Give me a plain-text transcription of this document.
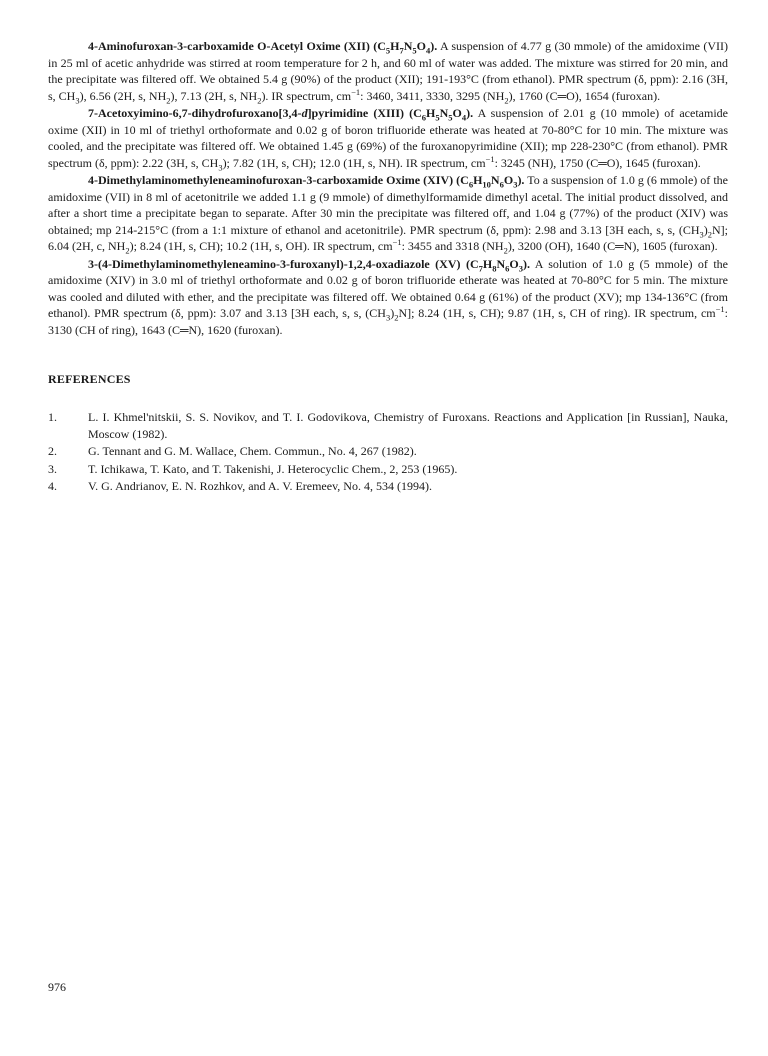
4-Aminofuroxan-3-carboxamide O-Acetyl Oxime (XII) $(C_5H_7N_5O_4)$. A suspension of 4.77 g (30 mmole) of the amidoxime (VII) in 25 ml of acetic anhydride was stirred at room temperature for 2 h, and 60 ml of water was added. The mixture was stirred for 20 min, and the precipitate was filtered off. We obtained 5.4 g (90%) of the product (XII); 191-193°C (from ethanol). PMR spectrum (δ, ppm): 2.16 (3H, s, $CH_3$), 6.56 (2H, s, $NH_2$), 7.13 (2H, s, $NH_2$). IR spectrum, $cm^{-1}$: 3460, 3411, 3330, 3295 $(NH_2)$, 1760 (C═O), 1654 (furoxan).

7-Acetoxyimino-6,7-dihydrofuroxano[3,4-d]pyrimidine (XIII) $(C_6H_5N_5O_4)$. A suspension of 2.01 g (10 mmole) of acetamide oxime (XII) in 10 ml of triethyl orthoformate and 0.02 g of boron trifluoride etherate was heated at 70-80°C for 10 min. The mixture was cooled, and the precipitate was filtered off. We obtained 1.45 g (69%) of the furoxanopyrimidine (XII); mp 228-230°C (from ethanol). PMR spectrum (δ, ppm): 2.22 (3H, s, $CH_3$); 7.82 (1H, s, CH); 12.0 (1H, s, NH). IR spectrum, $cm^{-1}$: 3245 (NH), 1750 (C═O), 1645 (furoxan).

4-Dimethylaminomethyleneaminofuroxan-3-carboxamide Oxime (XIV) $(C_6H_{10}N_6O_3)$. To a suspension of 1.0 g (6 mmole) of the amidoxime (VII) in 8 ml of acetonitrile we added 1.1 g (9 mmole) of dimethylformamide dimethyl acetal. The initial product dissolved, and after a short time a precipitate began to separate. After 30 min the precipitate was filtered off, and 1.04 g (77%) of the product (XIV) was obtained; mp 214-215°C (from a 1:1 mixture of ethanol and acetonitrile). PMR spectrum (δ, ppm): 2.98 and 3.13 [3H each, s, s, $(CH_3)_2N$]; 6.04 (2H, c, $NH_2$); 8.24 (1H, s, CH); 10.2 (1H, s, OH). IR spectrum, $cm^{-1}$: 3455 and 3318 $(NH_2)$, 3200 (OH), 1640 (C═N), 1605 (furoxan).

3-(4-Dimethylaminomethyleneamino-3-furoxanyl)-1,2,4-oxadiazole (XV) $(C_7H_8N_6O_3)$. A solution of 1.0 g (5 mmole) of the amidoxime (XIV) in 3.0 ml of triethyl orthoformate and 0.02 g of boron trifluoride etherate was heated at 70-80°C for 5 min. The mixture was cooled and diluted with ether, and the precipitate was filtered off. We obtained 0.64 g (61%) of the product (XV); mp 134-136°C (from ethanol). PMR spectrum (δ, ppm): 3.07 and 3.13 [3H each, s, s, $(CH_3)_2N$]; 8.24 (1H, s, CH); 9.87 (1H, s, CH of ring). IR spectrum, $cm^{-1}$: 3130 (CH of ring), 1643 (C═N), 1620 (furoxan).

REFERENCES
1.	L. I. Khmel'nitskii, S. S. Novikov, and T. I. Godovikova, Chemistry of Furoxans. Reactions and Application [in Russian], Nauka, Moscow (1982).
2.	G. Tennant and G. M. Wallace, Chem. Commun., No. 4, 267 (1982).
3.	T. Ichikawa, T. Kato, and T. Takenishi, J. Heterocyclic Chem., 2, 253 (1965).
4.	V. G. Andrianov, E. N. Rozhkov, and A. V. Eremeev, No. 4, 534 (1994).
976
